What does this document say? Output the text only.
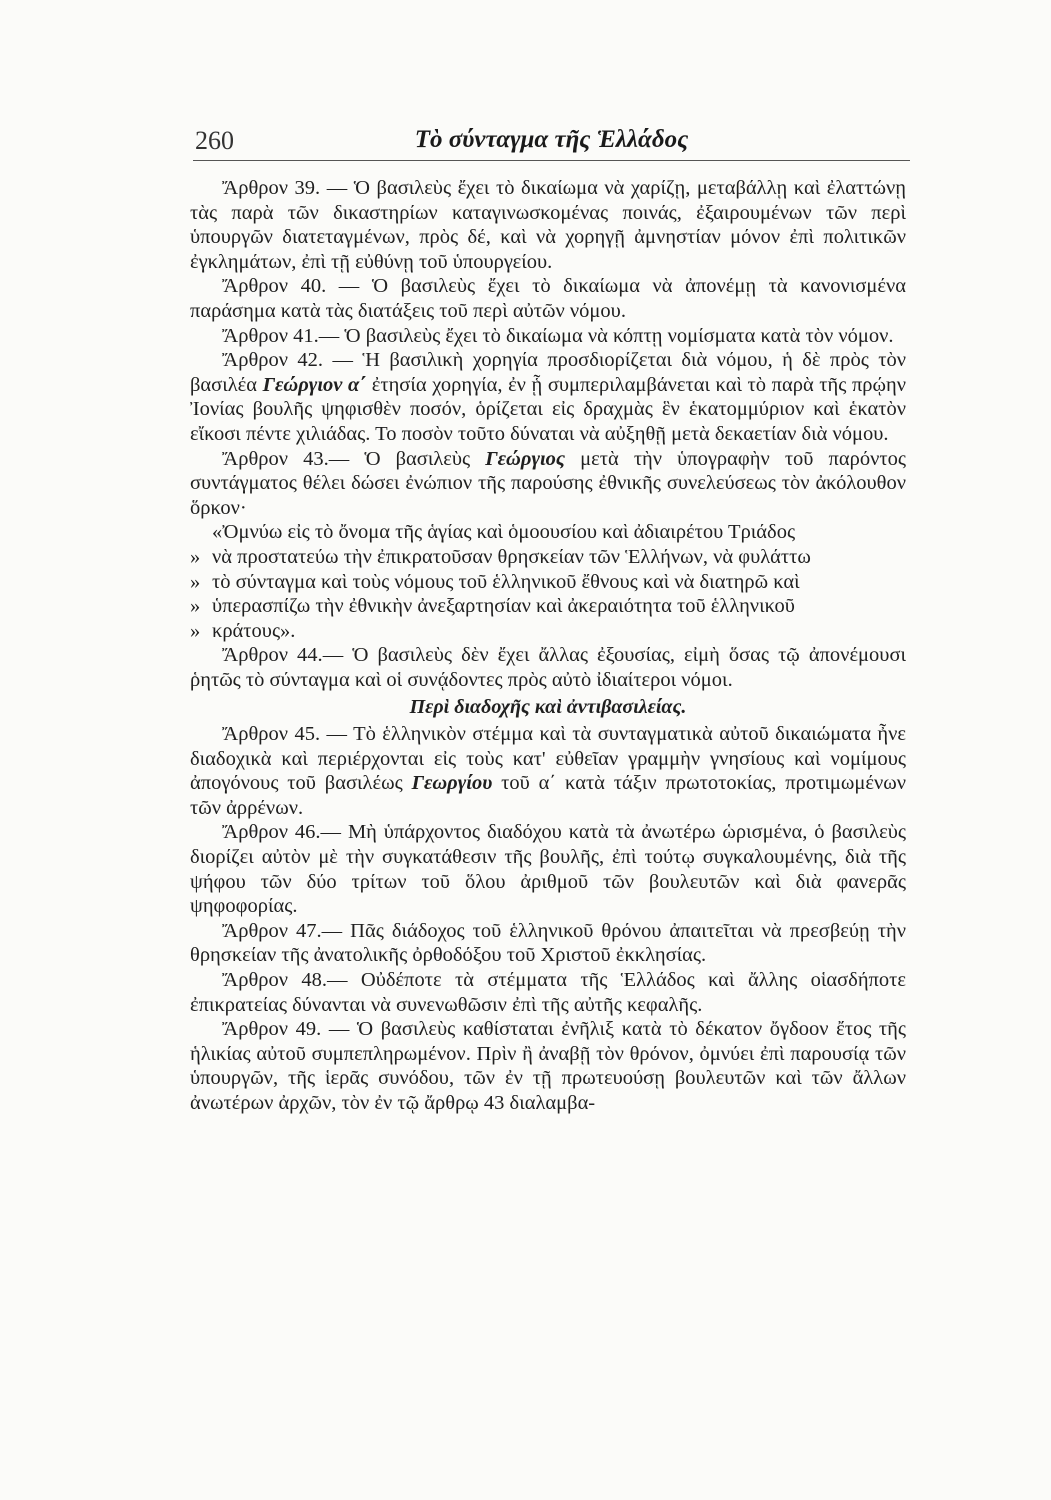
260	Τὸ σύνταγμα τῆς Ἑλλάδος

Ἄρθρον 39. — Ὁ βασιλεὺς ἔχει τὸ δικαίωμα νὰ χαρίζῃ, μεταβάλλῃ καὶ ἐλαττώνῃ τὰς παρὰ τῶν δικαστηρίων καταγινωσκομένας ποινάς, ἐξαιρουμένων τῶν περὶ ὑπουργῶν διατεταγμένων, πρὸς δέ, καὶ νὰ χορηγῇ ἀμνηστίαν μόνον ἐπὶ πολιτικῶν ἐγκλημάτων, ἐπὶ τῇ εὐθύνῃ τοῦ ὑπουργείου.

Ἄρθρον 40. — Ὁ βασιλεὺς ἔχει τὸ δικαίωμα νὰ ἀπονέμῃ τὰ κανονισμένα παράσημα κατὰ τὰς διατάξεις τοῦ περὶ αὐτῶν νόμου.

Ἄρθρον 41.— Ὁ βασιλεὺς ἔχει τὸ δικαίωμα νὰ κόπτῃ νομίσματα κατὰ τὸν νόμον.

Ἄρθρον 42. — Ἡ βασιλικὴ χορηγία προσδιορίζεται διὰ νόμου, ἡ δὲ πρὸς τὸν βασιλέα Γεώργιον α΄ ἐτησία χορηγία, ἐν ᾗ συμπεριλαμβάνεται καὶ τὸ παρὰ τῆς πρῴην Ἰονίας βουλῆς ψηφισθὲν ποσόν, ὁρίζεται εἰς δραχμὰς ἓν ἑκατομμύριον καὶ ἑκατὸν εἴκοσι πέντε χιλιάδας. Το ποσὸν τοῦτο δύναται νὰ αὐξηθῇ μετὰ δεκαετίαν διὰ νόμου.

Ἄρθρον 43.— Ὁ βασιλεὺς Γεώργιος μετὰ τὴν ὑπογραφὴν τοῦ παρόντος συντάγματος θέλει δώσει ἐνώπιον τῆς παρούσης ἐθνικῆς συνελεύσεως τὸν ἀκόλουθον ὅρκον·

«Ὀμνύω εἰς τὸ ὄνομα τῆς ἁγίας καὶ ὁμοουσίου καὶ ἀδιαιρέτου Τριάδος

» νὰ προστατεύω τὴν ἐπικρατοῦσαν θρησκείαν τῶν Ἑλλήνων, νὰ φυλάττω

» τὸ σύνταγμα καὶ τοὺς νόμους τοῦ ἑλληνικοῦ ἔθνους καὶ νὰ διατηρῶ καὶ

» ὑπερασπίζω τὴν ἐθνικὴν ἀνεξαρτησίαν καὶ ἀκεραιότητα τοῦ ἑλληνικοῦ

» κράτους».

Ἄρθρον 44.— Ὁ βασιλεὺς δὲν ἔχει ἄλλας ἐξουσίας, εἰμὴ ὅσας τῷ ἀπονέμουσι ῥητῶς τὸ σύνταγμα καὶ οἱ συνᾴδοντες πρὸς αὐτὸ ἰδιαίτεροι νόμοι.

Περὶ διαδοχῆς καὶ ἀντιβασιλείας.

Ἄρθρον 45. — Τὸ ἑλληνικὸν στέμμα καὶ τὰ συνταγματικὰ αὐτοῦ δικαιώματα ἦνε διαδοχικὰ καὶ περιέρχονται εἰς τοὺς κατ' εὐθεῖαν γραμμὴν γνησίους καὶ νομίμους ἀπογόνους τοῦ βασιλέως Γεωργίου τοῦ α΄ κατὰ τάξιν πρωτοτοκίας, προτιμωμένων τῶν ἀρρένων.

Ἄρθρον 46.— Μὴ ὑπάρχοντος διαδόχου κατὰ τὰ ἀνωτέρω ὡρισμένα, ὁ βασιλεὺς διορίζει αὐτὸν μὲ τὴν συγκατάθεσιν τῆς βουλῆς, ἐπὶ τούτῳ συγκαλουμένης, διὰ τῆς ψήφου τῶν δύο τρίτων τοῦ ὅλου ἀριθμοῦ τῶν βουλευτῶν καὶ διὰ φανερᾶς ψηφοφορίας.

Ἄρθρον 47.— Πᾶς διάδοχος τοῦ ἑλληνικοῦ θρόνου ἀπαιτεῖται νὰ πρεσβεύῃ τὴν θρησκείαν τῆς ἀνατολικῆς ὀρθοδόξου τοῦ Χριστοῦ ἐκκλησίας.

Ἄρθρον 48.— Οὐδέποτε τὰ στέμματα τῆς Ἑλλάδος καὶ ἄλλης οἱασδήποτε ἐπικρατείας δύνανται νὰ συνενωθῶσιν ἐπὶ τῆς αὐτῆς κεφαλῆς.

Ἄρθρον 49. — Ὁ βασιλεὺς καθίσταται ἐνῆλιξ κατὰ τὸ δέκατον ὄγδοον ἔτος τῆς ἡλικίας αὐτοῦ συμπεπληρωμένον. Πρὶν ἢ ἀναβῇ τὸν θρόνον, ὀμνύει ἐπὶ παρουσίᾳ τῶν ὑπουργῶν, τῆς ἱερᾶς συνόδου, τῶν ἐν τῇ πρωτευούσῃ βουλευτῶν καὶ τῶν ἄλλων ἀνωτέρων ἀρχῶν, τὸν ἐν τῷ ἄρθρῳ 43 διαλαμβα-
